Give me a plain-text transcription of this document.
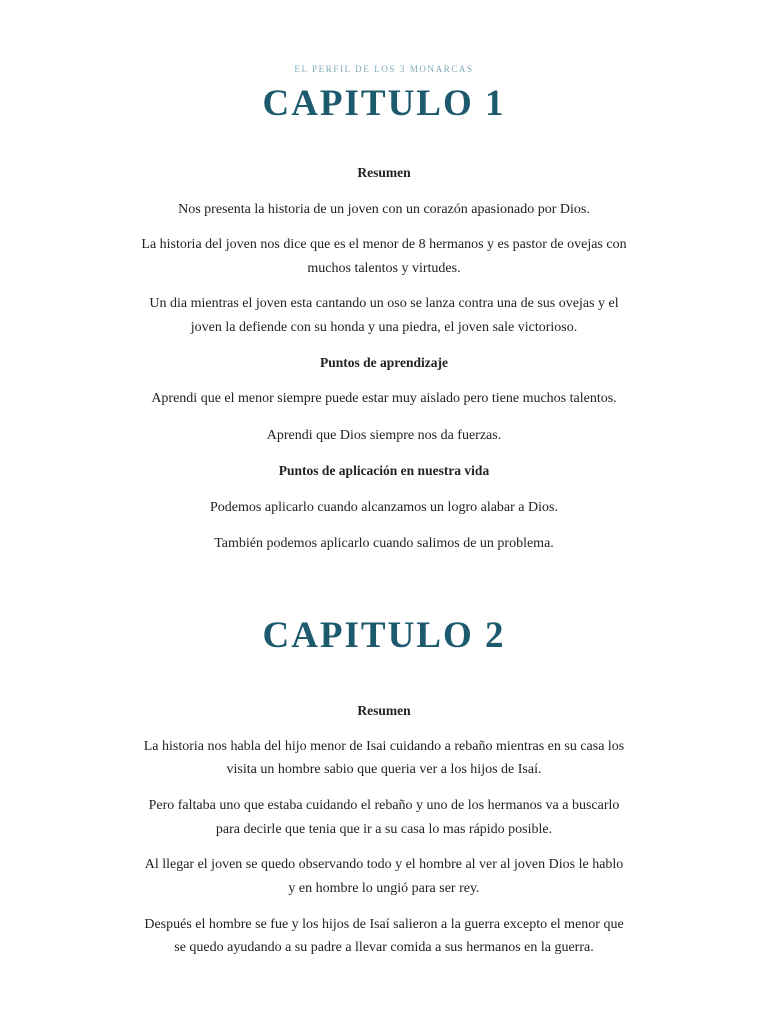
EL PERFIL DE LOS 3 MONARCAS
CAPITULO 1
Resumen
Nos presenta la historia de un joven con un corazón apasionado por Dios.
La historia del joven nos dice que es el menor de 8 hermanos y es pastor de ovejas con
muchos talentos y virtudes.
Un dia mientras el joven esta cantando un oso se lanza contra una de sus ovejas y el
joven la defiende con su honda y una piedra, el joven sale victorioso.
Puntos de aprendizaje
Aprendi que el menor siempre puede estar muy aislado pero tiene muchos talentos.
Aprendi que Dios siempre nos da fuerzas.
Puntos de aplicación en nuestra vida
Podemos aplicarlo cuando alcanzamos un logro alabar a Dios.
También podemos aplicarlo cuando salimos de un problema.
CAPITULO 2
Resumen
La historia nos habla del hijo menor de Isai cuidando a rebaño mientras en su casa los
visita un hombre sabio que queria ver a los hijos de Isaí.
Pero faltaba uno que estaba cuidando el rebaño y uno de los hermanos va a buscarlo
para decirle que tenia que ir a su casa lo mas rápido posible.
Al llegar el joven se quedo observando todo y el hombre al ver al joven Dios le hablo
y en hombre lo ungió para ser rey.
Después el hombre se fue y los hijos de Isaí salieron a la guerra excepto el menor que
se quedo ayudando a su padre a llevar comida a sus hermanos en la guerra.
